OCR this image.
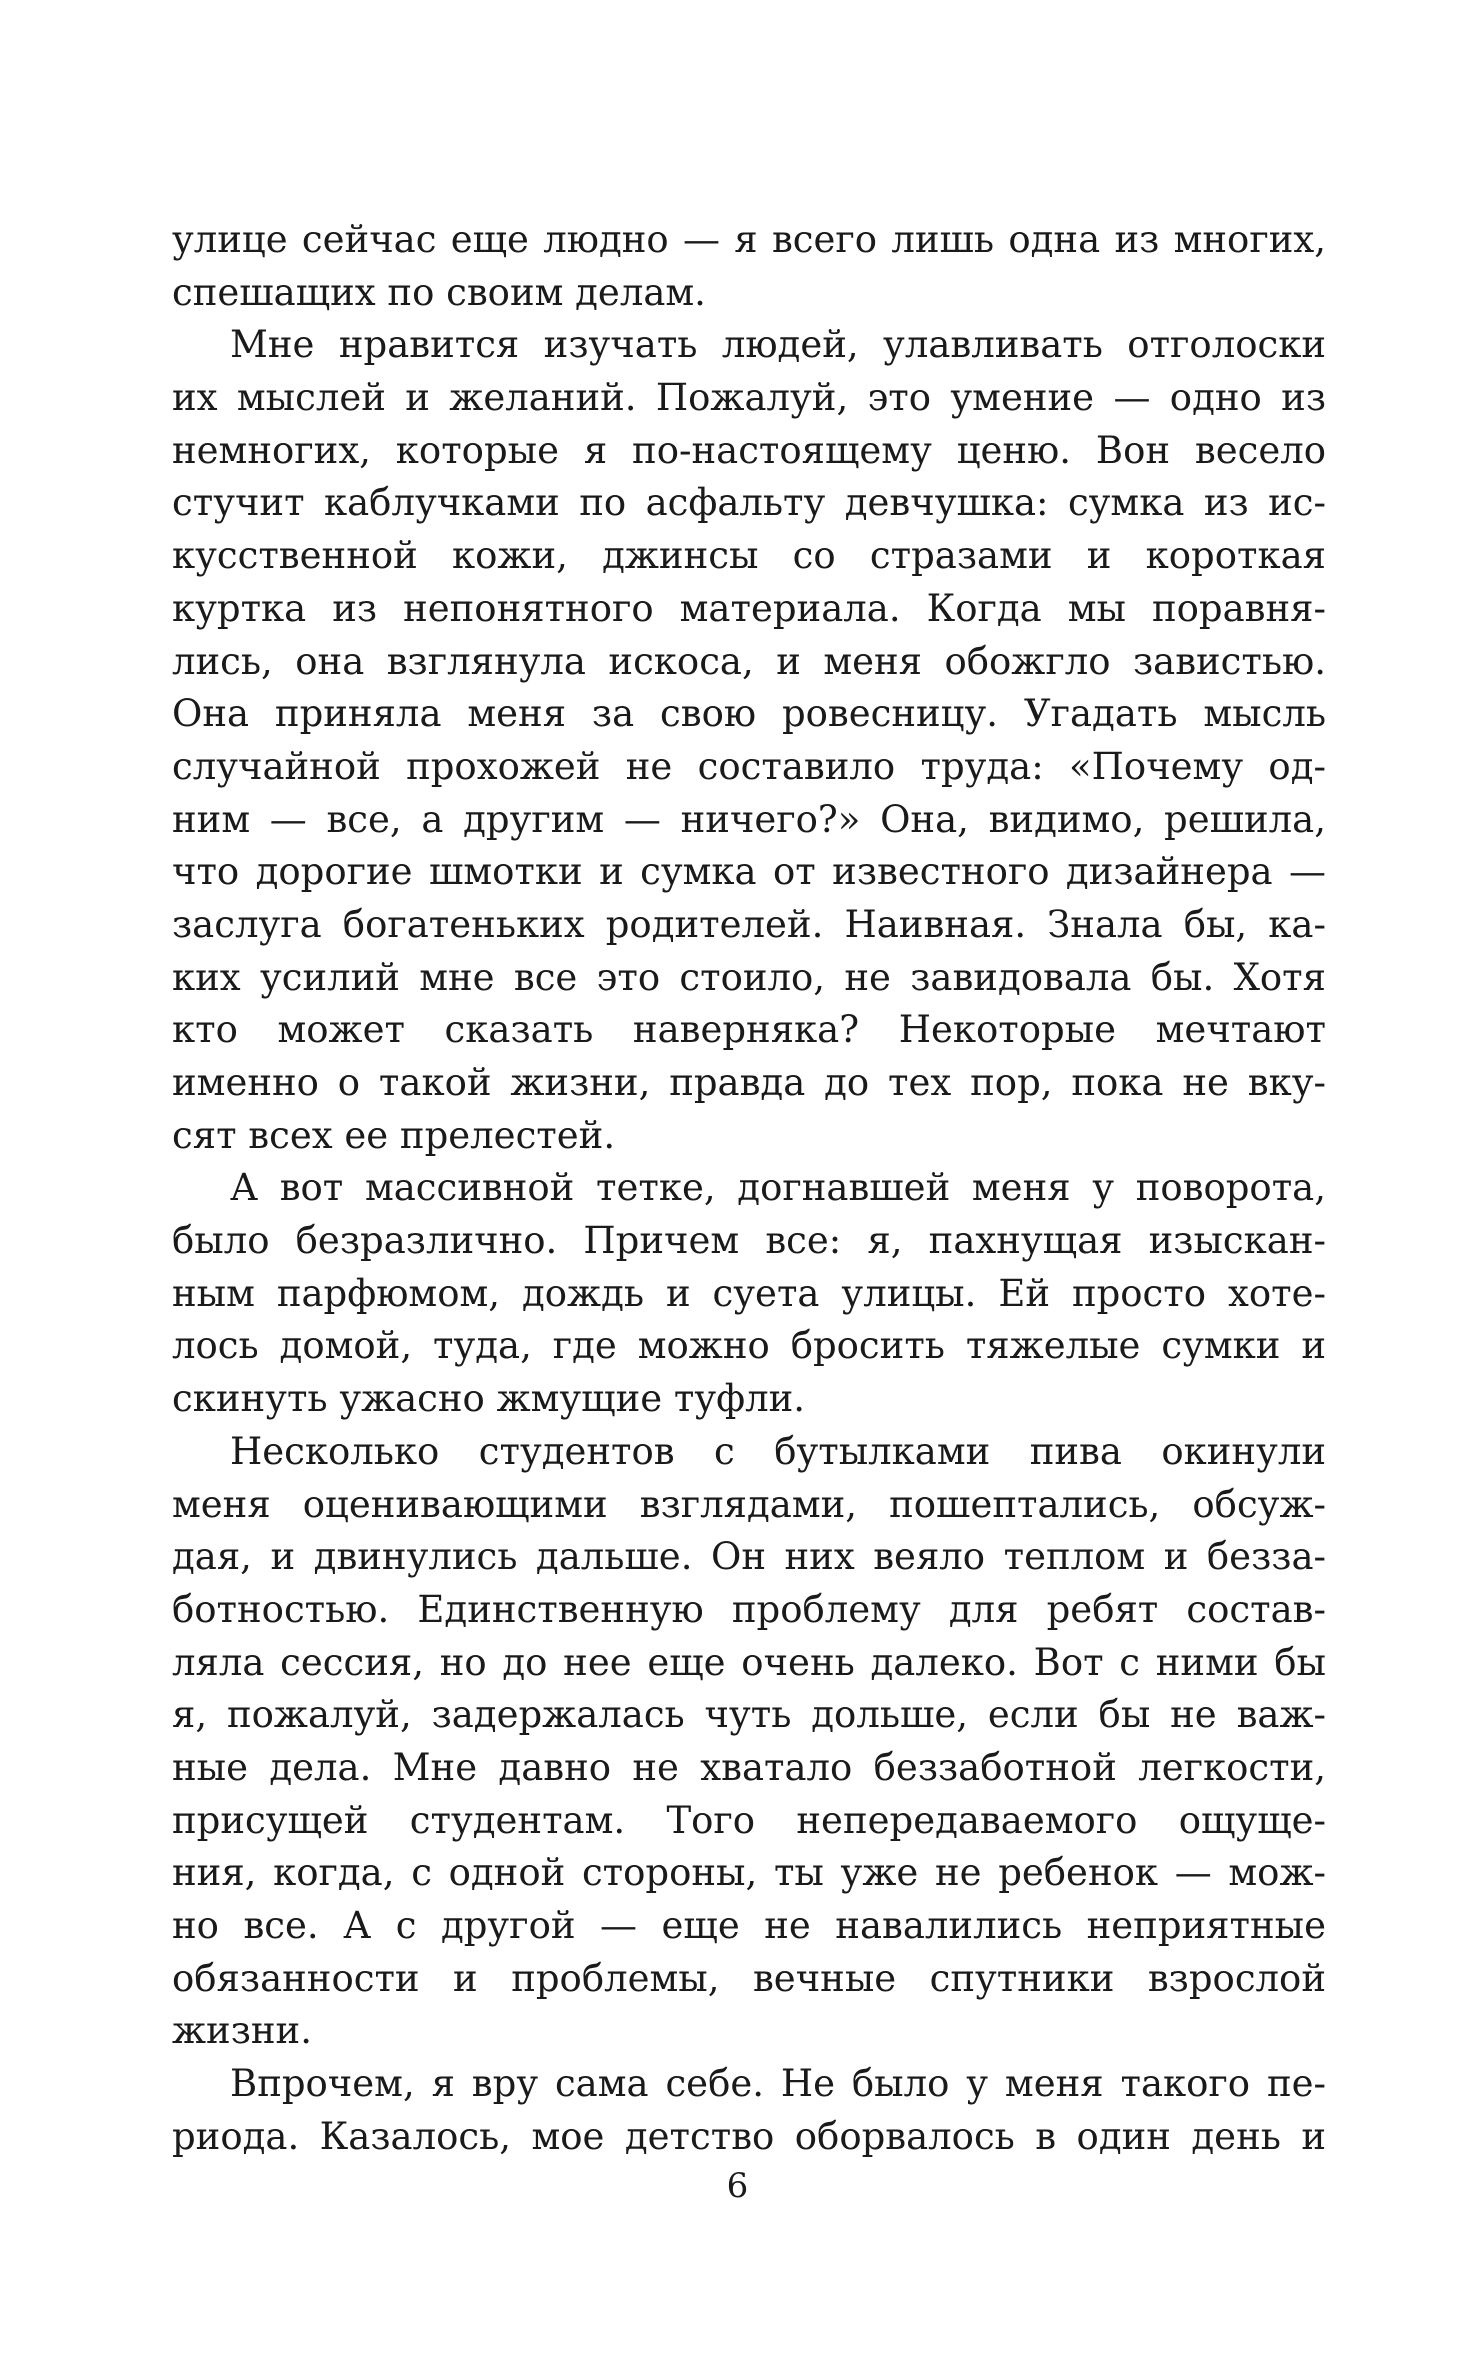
улице сейчас еще людно — я всего лишь одна из многих,
спешащих по своим делам.
Мне нравится изучать людей, улавливать отголоски
их мыслей и желаний. Пожалуй, это умение — одно из
немногих, которые я по-настоящему ценю. Вон весело
стучит каблучками по асфальту девчушка: сумка из ис-
кусственной кожи, джинсы со стразами и короткая
куртка из непонятного материала. Когда мы поравня-
лись, она взглянула искоса, и меня обожгло завистью.
Она приняла меня за свою ровесницу. Угадать мысль
случайной прохожей не составило труда: «Почему од-
ним — все, а другим — ничего?» Она, видимо, решила,
что дорогие шмотки и сумка от известного дизайнера —
заслуга богатеньких родителей. Наивная. Знала бы, ка-
ких усилий мне все это стоило, не завидовала бы. Хотя
кто может сказать наверняка? Некоторые мечтают
именно о такой жизни, правда до тех пор, пока не вку-
сят всех ее прелестей.
А вот массивной тетке, догнавшей меня у поворота,
было безразлично. Причем все: я, пахнущая изыскан-
ным парфюмом, дождь и суета улицы. Ей просто хоте-
лось домой, туда, где можно бросить тяжелые сумки и
скинуть ужасно жмущие туфли.
Несколько студентов с бутылками пива окинули
меня оценивающими взглядами, пошептались, обсуж-
дая, и двинулись дальше. Он них веяло теплом и безза-
ботностью. Единственную проблему для ребят состав-
ляла сессия, но до нее еще очень далеко. Вот с ними бы
я, пожалуй, задержалась чуть дольше, если бы не важ-
ные дела. Мне давно не хватало беззаботной легкости,
присущей студентам. Того непередаваемого ощуще-
ния, когда, с одной стороны, ты уже не ребенок — мож-
но все. А с другой — еще не навалились неприятные
обязанности и проблемы, вечные спутники взрослой
жизни.
Впрочем, я вру сама себе. Не было у меня такого пе-
риода. Казалось, мое детство оборвалось в один день и
6
